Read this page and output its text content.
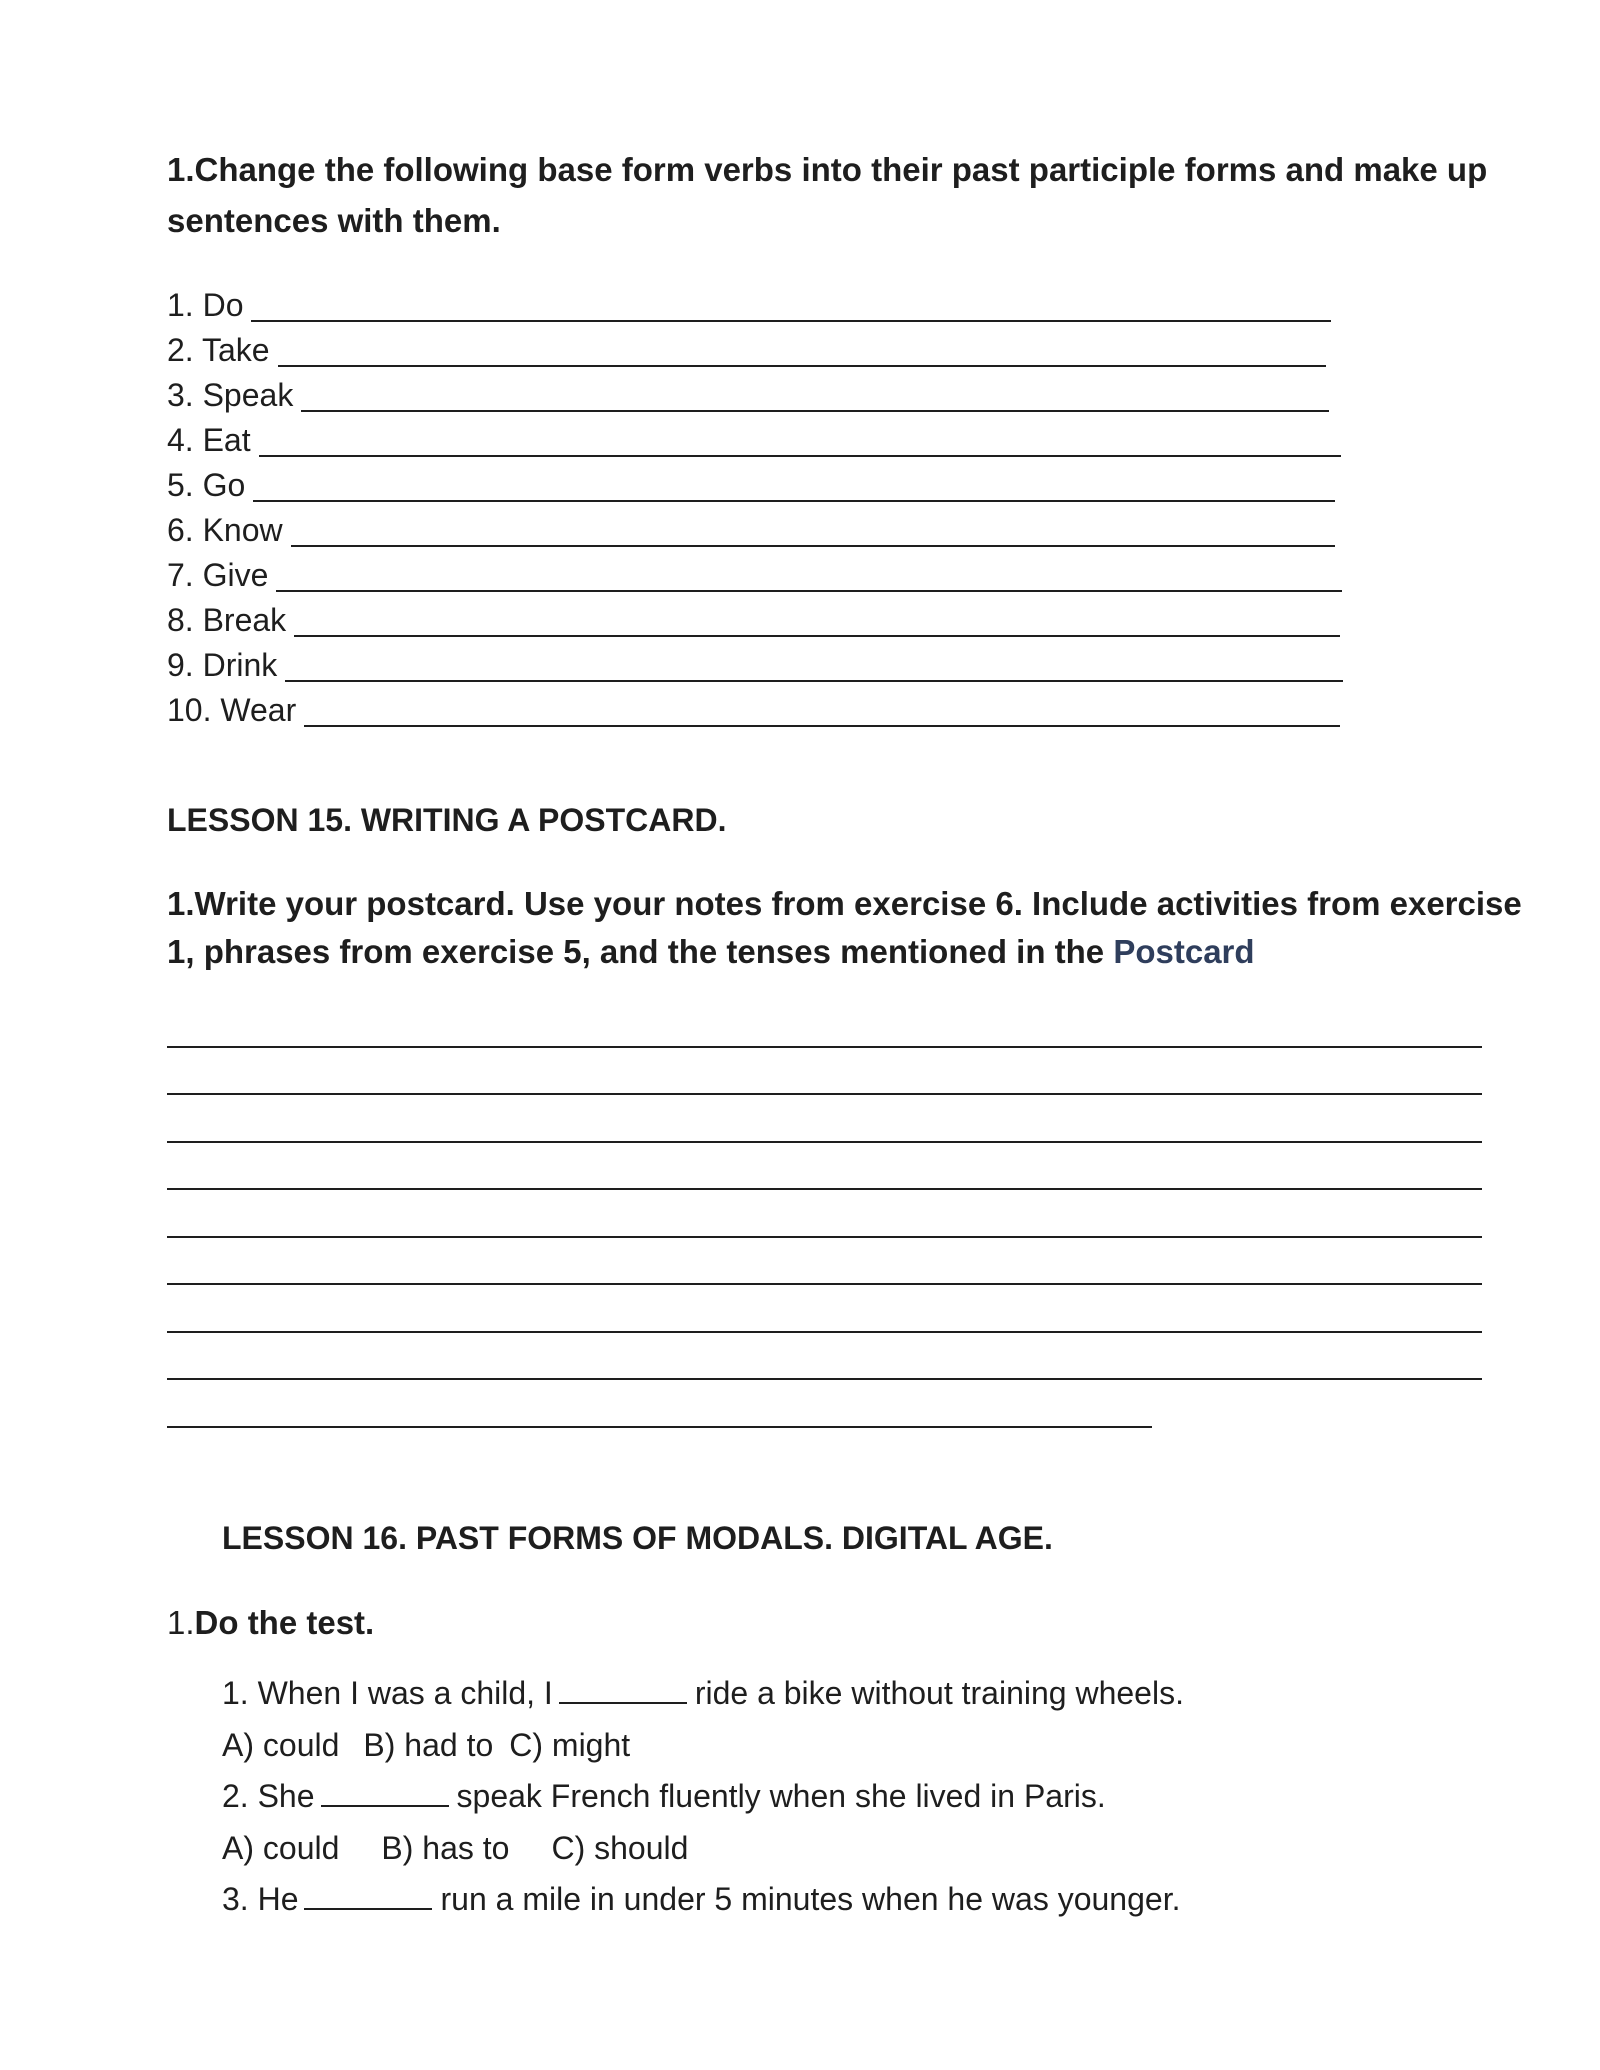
1.Change the following base form verbs into their past participle forms and make up
sentences with them.

1. Do
2. Take
3. Speak
4. Eat
5. Go
6. Know
7. Give
8. Break
9. Drink
10. Wear

LESSON 15. WRITING A POSTCARD.

1.Write your postcard. Use your notes from exercise 6. Include activities from exercise
1, phrases from exercise 5, and the tenses mentioned in the Postcard

LESSON 16. PAST FORMS OF MODALS. DIGITAL AGE.

1.Do the test.

1. When I was a child, I	ride a bike without training wheels.
A) could B) had to C) might
2. She	speak French fluently when she lived in Paris.
A) could B) has to C) should
3. He	run a mile in under 5 minutes when he was younger.
